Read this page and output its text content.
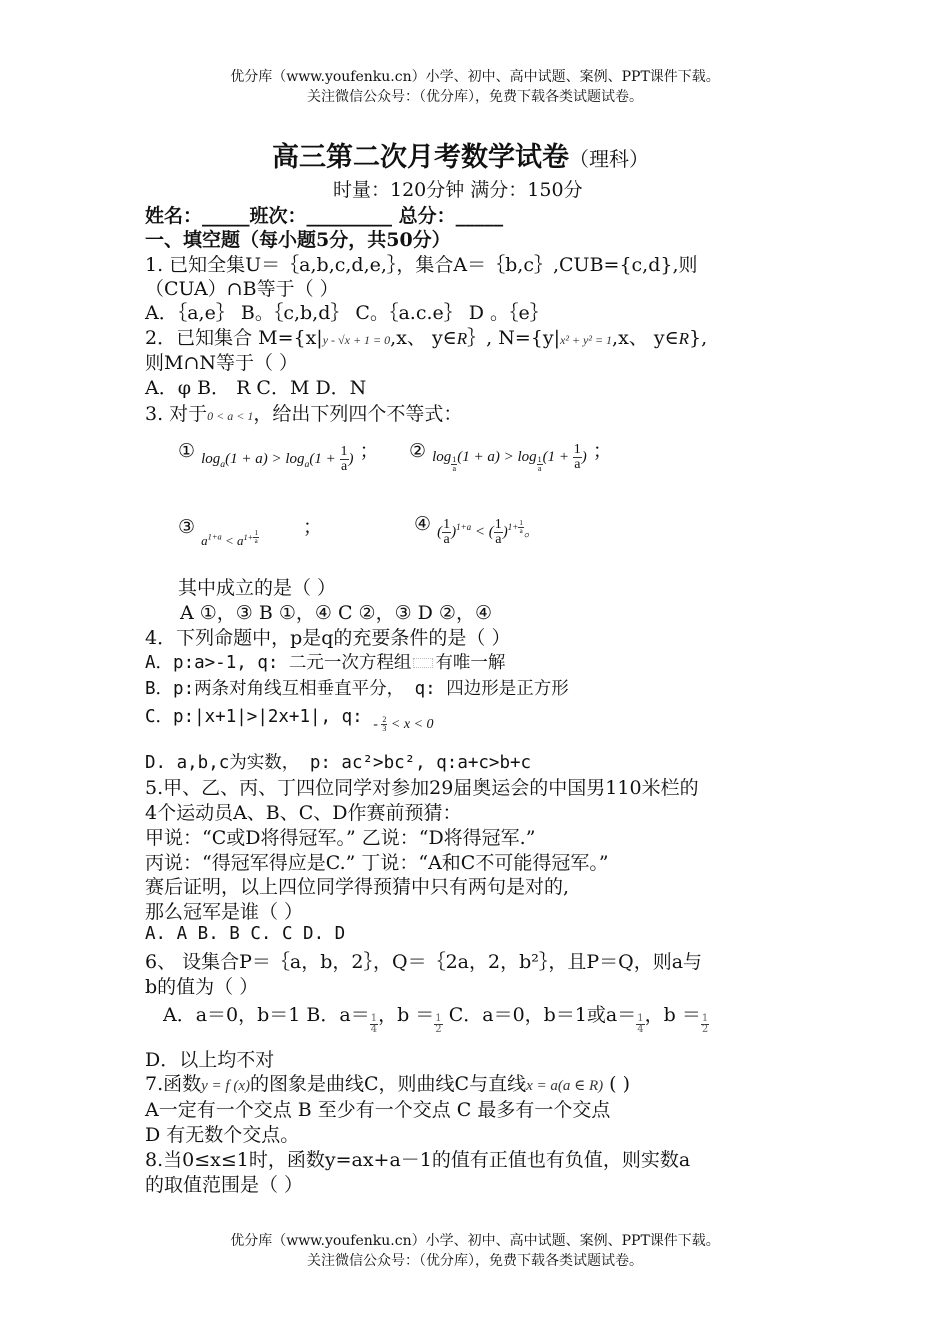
优分库（www.youfenku.cn）小学、初中、高中试题、案例、PPT课件下载。
关注微信公众号：（优分库），免费下载各类试题试卷。
高三第二次月考数学试卷（理科）
时量：120分钟 满分：150分
姓名：_____班次：_________ 总分：_____
一、填空题（每小题5分，共50分）
1. 已知全集U＝｛a,b,c,d,e,｝，集合A＝｛b,c｝,CUB={c,d},则
（CUA）∩B等于（ ）
A．｛a,e｝ B。｛c,b,d｝ C。｛a.c.e｝ D 。｛e｝
2．已知集合 M={x|y - √x + 1 = 0,x、 y∈R｝, N={y|x² + y² = 1,x、 y∈R},
则M∩N等于（ ）
A．φ B． R C．M D．N
3. 对于0 < a < 1，给出下列四个不等式：
① $_{log_a(1 + a) > log_a(1 + \frac{1}{a} )}$ ； ② $_{log \frac{1}{a} (1 + a) > log \frac{1}{a} (1 + \frac{1}{a} )}$ ；
③ $_{a^{1+a} < a^{1+ \frac{1}{a}}}$ ；	④ $_{( \frac{1}{a} )^{1+a} < ( \frac{1}{a} )^{1+ \frac{1}{a}} 。}$
其中成立的是（ ）
A ①，③ B ①，④ C ②，③ D ②，④
4．下列命题中，p是q的充要条件的是（ ）
A．p:a>-1, q: 二元一次方程组 有唯一解
B．p:两条对角线互相垂直平分， q: 四边形是正方形
C．p:|x+1|>|2x+1|, q: $_{- \frac{2}{3} < x < 0}$
D. a,b,c为实数， p: ac²>bc², q:a+c>b+c
5.甲、乙、丙、丁四位同学对参加29届奥运会的中国男110米栏的
4个运动员A、B、C、D作赛前预猜：
甲说：“C或D将得冠军。” 乙说：“D将得冠军.”
丙说：“得冠军得应是C.” 丁说：“A和C不可能得冠军。”
赛后证明，以上四位同学得预猜中只有两句是对的,
那么冠军是谁（ ）
A. A B. B C. C D. D
6、 设集合P＝｛a，b，2｝，Q＝｛2a，2，b²｝，且P＝Q，则a与
b的值为（ ）
A．a＝0，b＝1 B．$a= \frac{1}{4}$ ，$b = \frac{1}{2}$ C．a＝0，b＝1或$a= \frac{1}{4}$ ，$b = \frac{1}{2}$
D．以上均不对
7.函数y = f (x)的图象是曲线C，则曲线C与直线x = a(a ∈ R) ( )
A一定有一个交点 B 至少有一个交点 C 最多有一个交点
D 有无数个交点。
8.当0≤x≤1时，函数y=ax+a－1的值有正值也有负值，则实数a
的取值范围是（ ）
优分库（www.youfenku.cn）小学、初中、高中试题、案例、PPT课件下载。
关注微信公众号：（优分库），免费下载各类试题试卷。
